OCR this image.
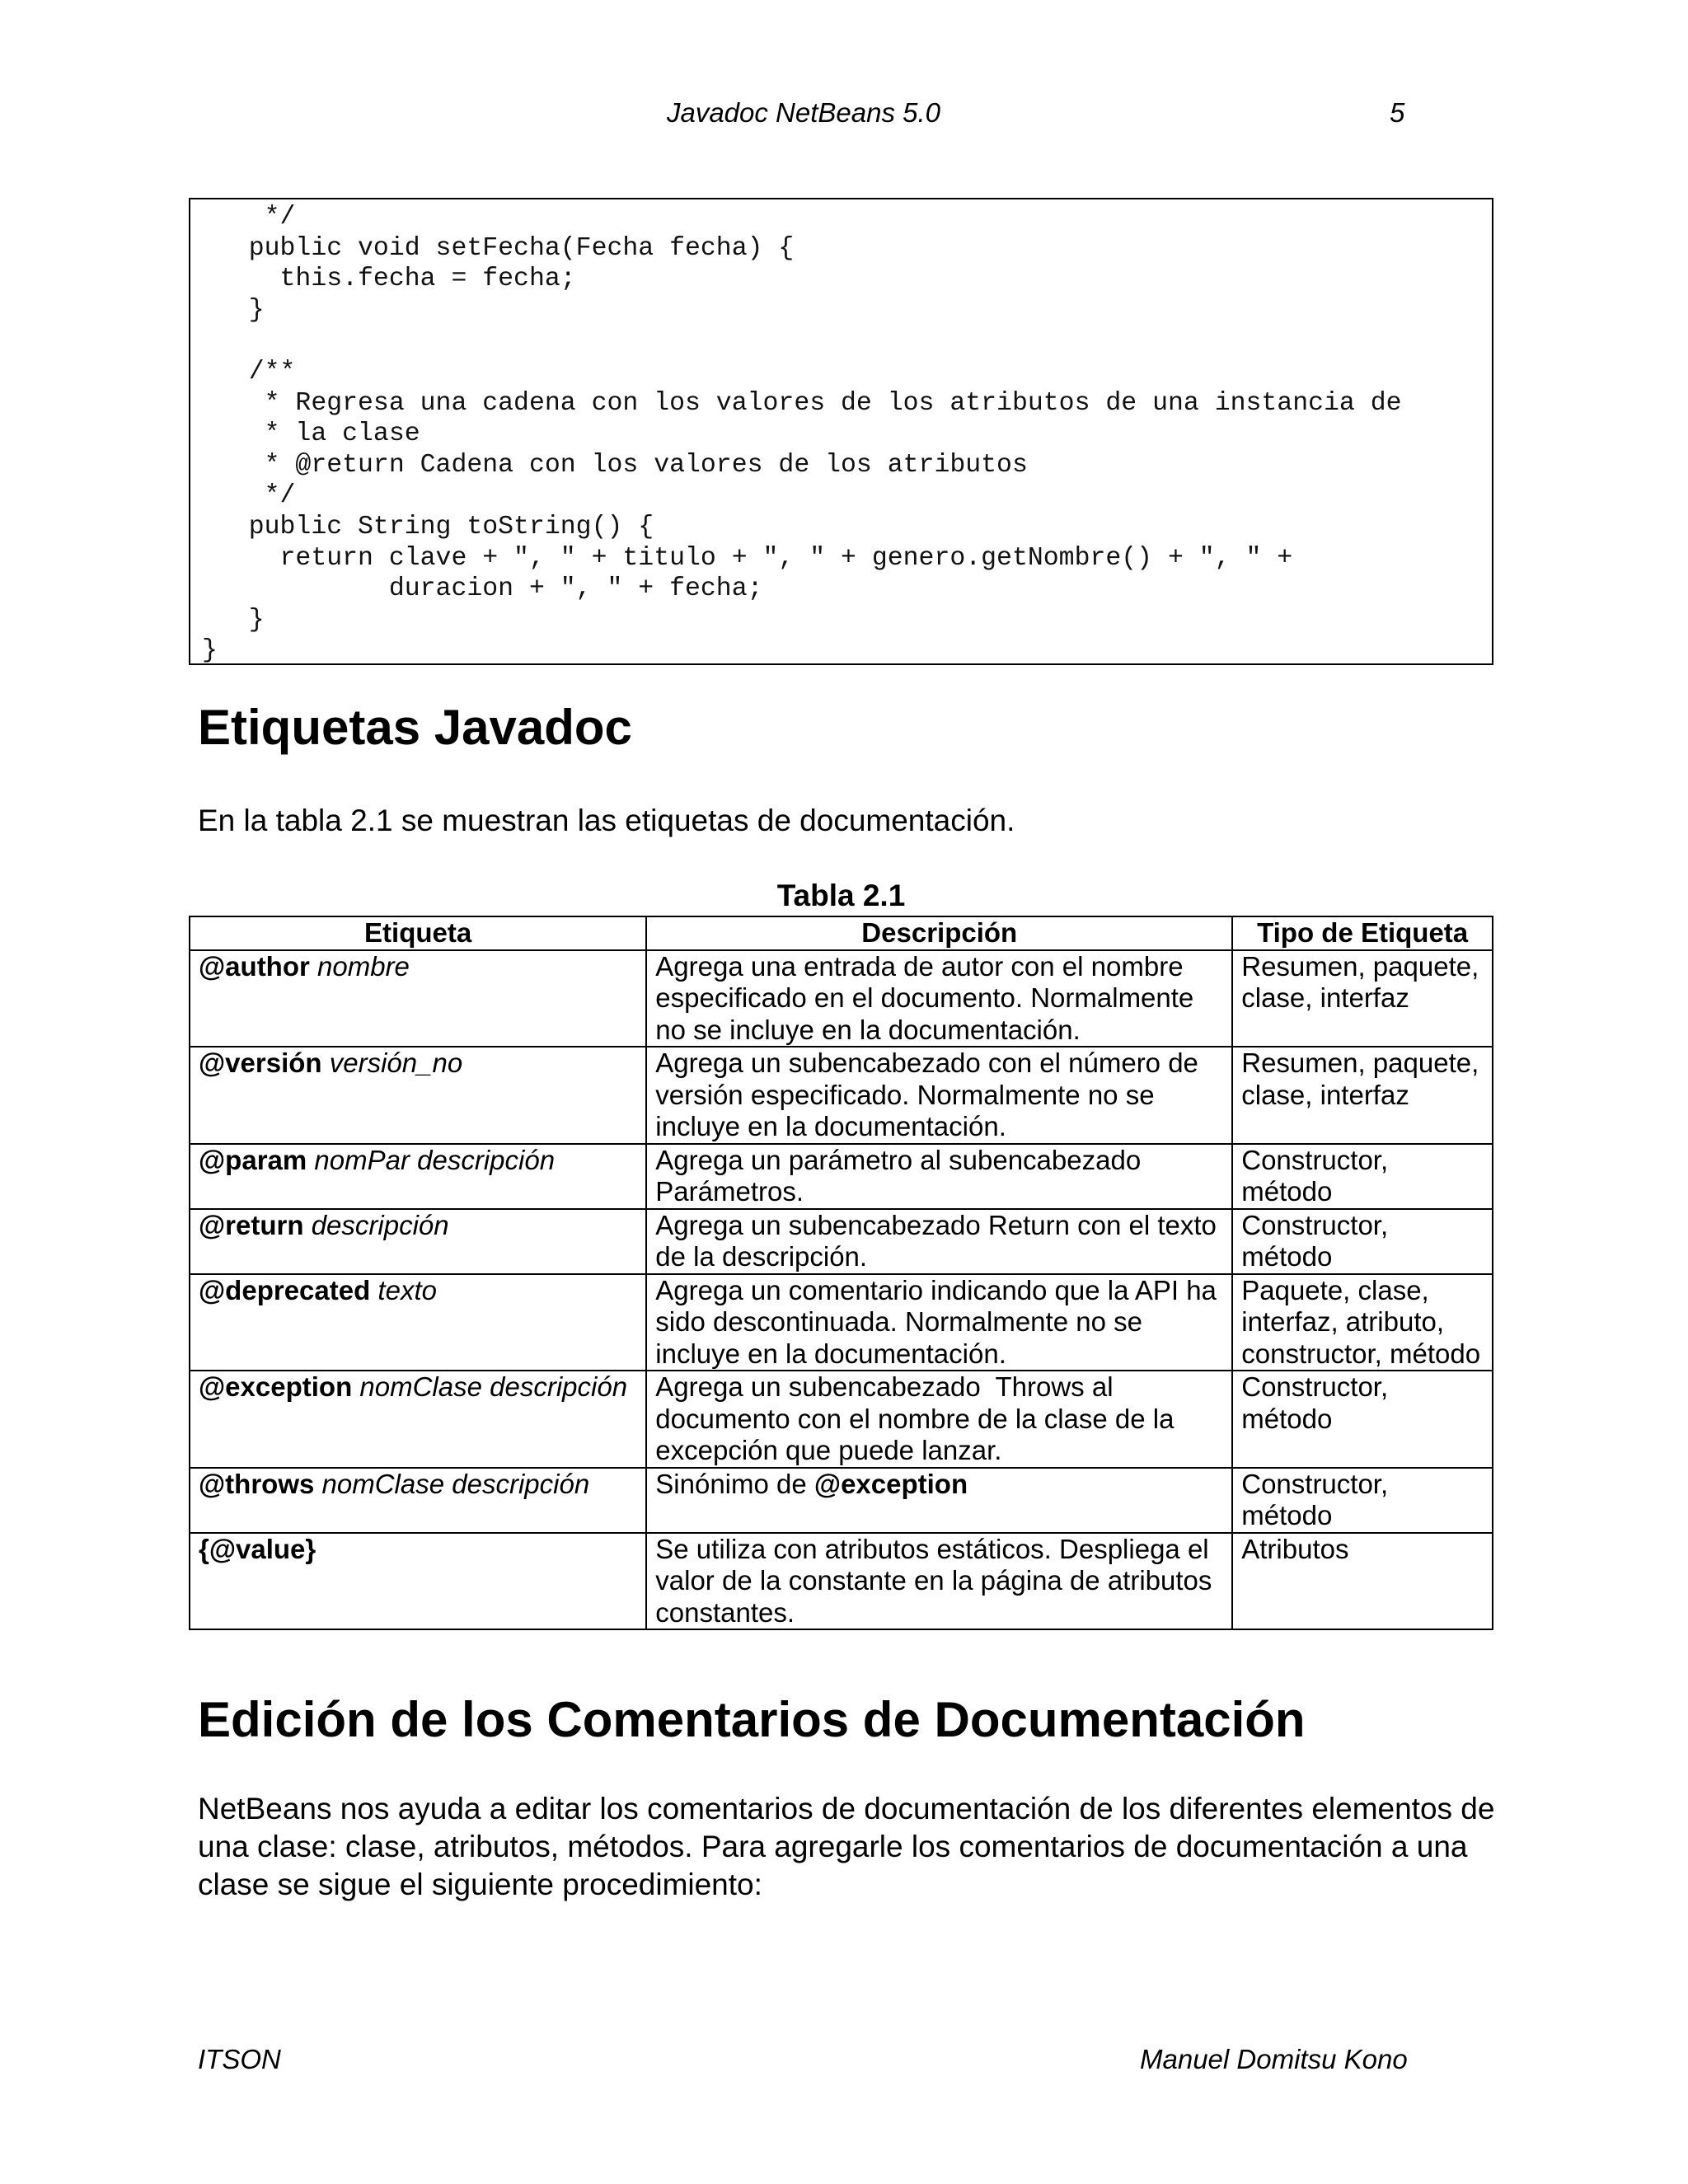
Javadoc NetBeans 5.0	5
*/
public void setFecha(Fecha fecha) {
this.fecha = fecha;
}

/**
* Regresa una cadena con los valores de los atributos de una instancia de
* la clase
* @return Cadena con los valores de los atributos
*/
public String toString() {
return clave + ", " + titulo + ", " + genero.getNombre() + ", " +
duracion + ", " + fecha;
}
}
Etiquetas Javadoc

En la tabla 2.1 se muestran las etiquetas de documentación.

Tabla 2.1
Etiqueta	Descripción	Tipo de Etiqueta
@author nombre	Agrega una entrada de autor con el nombre especificado en el documento. Normalmente no se incluye en la documentación.	Resumen, paquete, clase, interfaz
@versión versión_no	Agrega un subencabezado con el número de versión especificado. Normalmente no se incluye en la documentación.	Resumen, paquete, clase, interfaz
@param nomPar descripción	Agrega un parámetro al subencabezado Parámetros.	Constructor, método
@return descripción	Agrega un subencabezado Return con el texto de la descripción.	Constructor, método
@deprecated texto	Agrega un comentario indicando que la API ha sido descontinuada. Normalmente no se incluye en la documentación.	Paquete, clase, interfaz, atributo, constructor, método
@exception nomClase descripción	Agrega un subencabezado  Throws al documento con el nombre de la clase de la excepción que puede lanzar.	Constructor, método
@throws nomClase descripción	Sinónimo de @exception	Constructor, método
{@value}	Se utiliza con atributos estáticos. Despliega el valor de la constante en la página de atributos constantes.	Atributos
Edición de los Comentarios de Documentación

NetBeans nos ayuda a editar los comentarios de documentación de los diferentes elementos de una clase: clase, atributos, métodos. Para agregarle los comentarios de documentación a una clase se sigue el siguiente procedimiento:

ITSON	Manuel Domitsu Kono
